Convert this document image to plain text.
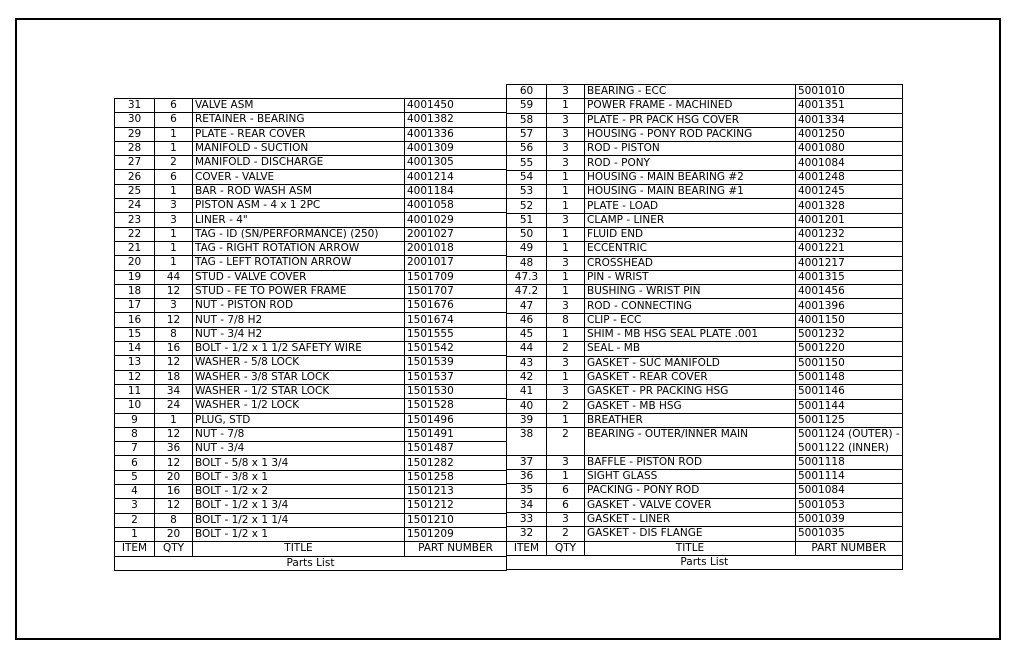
31	6	VALVE ASM	4001450
30	6	RETAINER - BEARING	4001382
29	1	PLATE - REAR COVER	4001336
28	1	MANIFOLD - SUCTION	4001309
27	2	MANIFOLD - DISCHARGE	4001305
26	6	COVER - VALVE	4001214
25	1	BAR - ROD WASH ASM	4001184
24	3	PISTON ASM - 4 x 1 2PC	4001058
23	3	LINER - 4"	4001029
22	1	TAG - ID (SN/PERFORMANCE) (250)	2001027
21	1	TAG - RIGHT ROTATION ARROW	2001018
20	1	TAG - LEFT ROTATION ARROW	2001017
19	44	STUD - VALVE COVER	1501709
18	12	STUD - FE TO POWER FRAME	1501707
17	3	NUT - PISTON ROD	1501676
16	12	NUT - 7/8 H2	1501674
15	8	NUT - 3/4 H2	1501555
14	16	BOLT - 1/2 x 1 1/2 SAFETY WIRE	1501542
13	12	WASHER - 5/8 LOCK	1501539
12	18	WASHER - 3/8 STAR LOCK	1501537
11	34	WASHER - 1/2 STAR LOCK	1501530
10	24	WASHER - 1/2 LOCK	1501528
9	1	PLUG, STD	1501496
8	12	NUT - 7/8	1501491
7	36	NUT - 3/4	1501487
6	12	BOLT - 5/8 x 1 3/4	1501282
5	20	BOLT - 3/8 x 1	1501258
4	16	BOLT - 1/2 x 2	1501213
3	12	BOLT - 1/2 x 1 3/4	1501212
2	8	BOLT - 1/2 x 1 1/4	1501210
1	20	BOLT - 1/2 x 1	1501209
ITEM	QTY	TITLE	PART NUMBER
Parts List			
60	3	BEARING - ECC	5001010
59	1	POWER FRAME - MACHINED	4001351
58	3	PLATE - PR PACK HSG COVER	4001334
57	3	HOUSING - PONY ROD PACKING	4001250
56	3	ROD - PISTON	4001080
55	3	ROD - PONY	4001084
54	1	HOUSING - MAIN BEARING #2	4001248
53	1	HOUSING - MAIN BEARING #1	4001245
52	1	PLATE - LOAD	4001328
51	3	CLAMP - LINER	4001201
50	1	FLUID END	4001232
49	1	ECCENTRIC	4001221
48	3	CROSSHEAD	4001217
47.3	1	PIN - WRIST	4001315
47.2	1	BUSHING - WRIST PIN	4001456
47	3	ROD - CONNECTING	4001396
46	8	CLIP - ECC	4001150
45	1	SHIM - MB HSG SEAL PLATE .001	5001232
44	2	SEAL - MB	5001220
43	3	GASKET - SUC MANIFOLD	5001150
42	1	GASKET - REAR COVER	5001148
41	3	GASKET - PR PACKING HSG	5001146
40	2	GASKET - MB HSG	5001144
39	1	BREATHER	5001125
38	2	BEARING - OUTER/INNER MAIN	5001124 (OUTER) -
			5001122 (INNER)
37	3	BAFFLE - PISTON ROD	5001118
36	1	SIGHT GLASS	5001114
35	6	PACKING - PONY ROD	5001084
34	6	GASKET - VALVE COVER	5001053
33	3	GASKET - LINER	5001039
32	2	GASKET - DIS FLANGE	5001035
ITEM	QTY	TITLE	PART NUMBER
Parts List			
